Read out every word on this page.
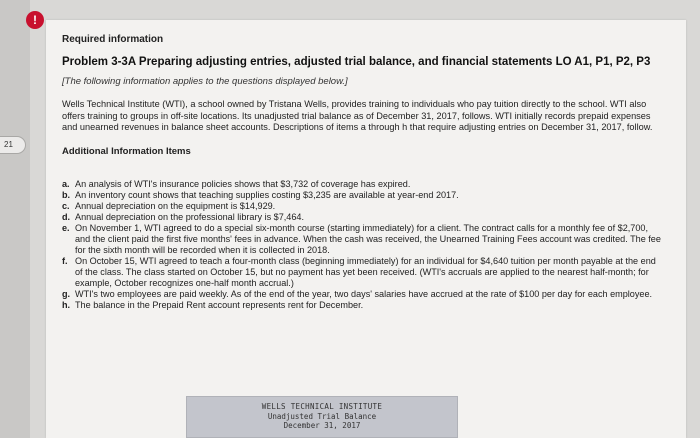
21
!
Required information
Problem 3-3A Preparing adjusting entries, adjusted trial balance, and financial statements LO A1, P1, P2, P3
[The following information applies to the questions displayed below.]
Wells Technical Institute (WTI), a school owned by Tristana Wells, provides training to individuals who pay tuition directly to the school. WTI also offers training to groups in off-site locations. Its unadjusted trial balance as of December 31, 2017, follows. WTI initially records prepaid expenses and unearned revenues in balance sheet accounts. Descriptions of items a through h that require adjusting entries on December 31, 2017, follow.
Additional Information Items
a. An analysis of WTI's insurance policies shows that $3,732 of coverage has expired.
b. An inventory count shows that teaching supplies costing $3,235 are available at year-end 2017.
c. Annual depreciation on the equipment is $14,929.
d. Annual depreciation on the professional library is $7,464.
e. On November 1, WTI agreed to do a special six-month course (starting immediately) for a client. The contract calls for a monthly fee of $2,700, and the client paid the first five months' fees in advance. When the cash was received, the Unearned Training Fees account was credited. The fee for the sixth month will be recorded when it is collected in 2018.
f. On October 15, WTI agreed to teach a four-month class (beginning immediately) for an individual for $4,640 tuition per month payable at the end of the class. The class started on October 15, but no payment has yet been received. (WTI's accruals are applied to the nearest half-month; for example, October recognizes one-half month accrual.)
g. WTI's two employees are paid weekly. As of the end of the year, two days' salaries have accrued at the rate of $100 per day for each employee.
h. The balance in the Prepaid Rent account represents rent for December.
WELLS TECHNICAL INSTITUTE
Unadjusted Trial Balance
December 31, 2017
